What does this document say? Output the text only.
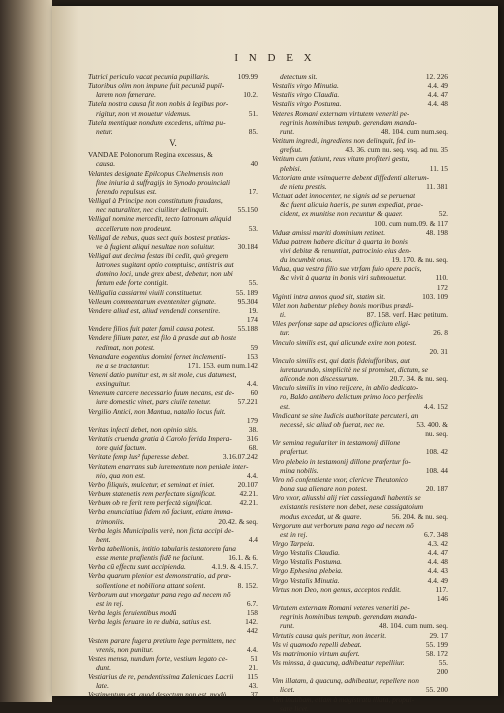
I N D E X
Tutrici periculo vacat pecunia pupillaris.	109.99
Tutoribus olim non impune fuit pecuniã pupil-
larem non fœnerare.	10.2.
Tutela nostra causa fit non nobis à legibus por-
rigitur, non vt mouetur videmus.	51.
Tutela mentiquæ nondum excedens, ultima pu-
netur.	85.
V.
VANDAE Polonorum Regina excessus, &
causa.	40
Velantes designate Epilcopus Chelmensis non
fine iniuria à suffragijs in Synodo prouinciali
ferendo repulsus est.	17.
Velligal à Principe non constitutum fraudans,
nec naturaliter, nec ciuiliter delinquit.	55.150
Velligal nomine mercedit, tecto latronum aliquid
accellerum non prodeunt.	53.
Velligal de rebus, quas sect quis bostest pratias-
ve à fugient aliqui nesultae non soluitur.	30.184
Velligal aut decima festas ibi cedit, quò gregem
latrones sugitant optio comptuisc, antistris aut
domino loci, unde grex abest, debetur, non ubi
fœtum ede forte contigit.	55.
Velligalia cassiarmi viuili constituetur.	55. 189
Velleum commentarum eventeniter gignate.	95.304
Vendere aliud est, aliud vendendi consentire.	19.
174
Vendere filios fuit pater famil causa potest.	55.188
Vendere filium pater, est filo à prasde aut ab hoste
redimat, non potest.	59
Venandare eogentius domini fernet inclementi-	153
ne a se tractantur.	171. 153. eum num.142
Veneni datio punitur est, m sit mole, cus datumest,
exsinguitur.	4.4.
Venenum carcere necessario fuum necans, est de- 60
iure domestic vinet, pars ciuile tenetur.	57.221
Vergilio Antici, non Mantua, natalio locus fuit.
179
Veritas infecti debet, non opinio sitis.	38.
Veritatis cruenda gratia à Carolo ferida Impera- 316
tore quid factum.	68.
Veritate femp lus² fuperesse debet.	3.16.07.242
Veritatem enarrans sub iurementum non peniale inter-
nio, qua non est.	4.4.
Verbo filiquis, mulcetur, et seminat et iniet.	20.107
Verbum statenetis rem perfectam significat.	42.21.
Verbum ob re ferit rem perfectà significat.	42.21.
Verba enunciatiua fidem nō faciunt, etiam imma-
trimoniis.	20.42. & seq.
Verba legis Municipalis verè, non ficta accipi de-
bent.	4.4
Verba tabellionis, intitio tabularis testatorem fana
esse mente prafientis fidē ne faciunt.	16.1. & 6.
Verba cū effectu sunt accipienda.	4.1.9. & 4.15.7.
Verba quarum plenior est demonstratio, ad præ-
sollentione et nobiliora attant solent.	8. 152.
Verborum aut vnorgatur pana rego ad necem nō
est in rej.	6.7.
Verba legis feruientibus modū	158
Verba legis feruare in re dubia, satius est.	142.
442
Vestem parare fugera pretium lege permittem, nec
vrenis, non punitur.	4.4.
Vestes mensa, nundum forte, vestium legato ce-	51
dunt.	21.
Vestiarius de re, pendentissima Zalenicaes Lacrii 115
late.	43.
Vestimentum est, quod desectum non est, modò	37
detectum sit.	12. 226
Vestalis virgo Minutia.	4.4. 49
Vestalis virgo Claudia.	4.4. 47
Vestalis virgo Postuma.	4.4. 48
Veteres Romani externam virtutem veneriti pe-
regrinis hominibus tempub. gerendam manda-
runt.	48. 104. cum num.seq.
Vetitum ingredi, ingrediens non delinquit, fed in-
grefsut.	43. 36. cum nu. seq. vsq. ad nu. 35
Vetitum cum fatiunt, reus vitam profiteri gestu,
plebisi.	11. 15
Victoriam ante vsimquerre debent diffedenti alterum-
de nietu prestis.	11. 381
Victuat adet innocenter, ne signis ad se peruenat
&c fuent alicuia haeris, pe sunm expediat, prae-
cident, ex munitise non recuntur & quaer.	52.
100. cum num.09. & 117
Viduæ amissi mariti dominium retinet.	48. 198
Vidua patrem habere dicitur à quarta in bonis
vivi debitæ & renuntiat, patrocinio eius den-
du incumbit onus.	19. 170. & nu. seq.
Vidua, qua vestra filio sue vtrfam fuio opere pacis,
&c vivit à quarta in bonis viri submouetur.	110.
172
Viginti intra annos quod sit, statim sit.	103. 109
Vilet non habentur plebey bonis moribus prædi-
ti.	87. 158. verf. Hæc petitum.
Viles perfonæ sape ad apsciores officium eligi-
tur.	26. 8
Vinculo similis est, qui alicunde exire non potest.
20. 31
Vinculo similis est, qui datis fideiufforibus, aut
iuretaurundo, simplicitè ne si promiset, dictum, se
aliconde non discessurum.	20.7. 34. & nu. seq.
Vinculo similis in vino reijcere, in ablio dedicato-
ro, Baldo antibero delictum primo loco perfeelis
est.	4.4. 152
Vindicant se sine Iudicis authoritate percuteri, an
necessè, sic aliud ob fuerat, nec ne.	53. 400. &
nu. seq.
Vir semina regulariter in testamonij dillone
prafertur.	108. 42
Viro plebeio in testamonij dillone præfertur fo-
mina nobilis.	108. 44
Viro nō confentiente vxor, clericve Theutonico
bona sua alienare non potest.	20. 187
Viro vxor, aliusshi alij riet cassiegandi habentis se
existantis resistere non debet, nese cassigatoium
modus excedat, ut & quare.	56. 204. & nu. seq.
Vergorum aut verborum pana rego ad necem nō
est in rej.	6.7. 348
Virgo Tarpeia.	4.3. 42
Virgo Vestalis Claudia.	4.4. 47
Virgo Vestalis Postuma.	4.4. 48
Virgo Ephesina plebeia.	4.4. 43
Virgo Vestalis Minutia.	4.4. 49
Virtus non Deo, non genus, acceptos reddit.	117.
146
Virtutem externam Romani veteres veneriti pe-
regrinis hominibus tempub. gerendam manda-
runt.	48. 104. cum num. seq.
Virtutis causa quis peritur, non incerit.	29. 17
Vis vi quamodo repelli debeat.	55. 199
Vis matrimonio virtum aufert.	58. 172
Vis minssa, à quacunq, adhibeatur repelliiur.	55.
200
Vim illatam, à quacunq, adhibeatur, repellere non
licet.	55. 200
Vim inutibam, etiam à magistratu illata, propul-
sare licet.
